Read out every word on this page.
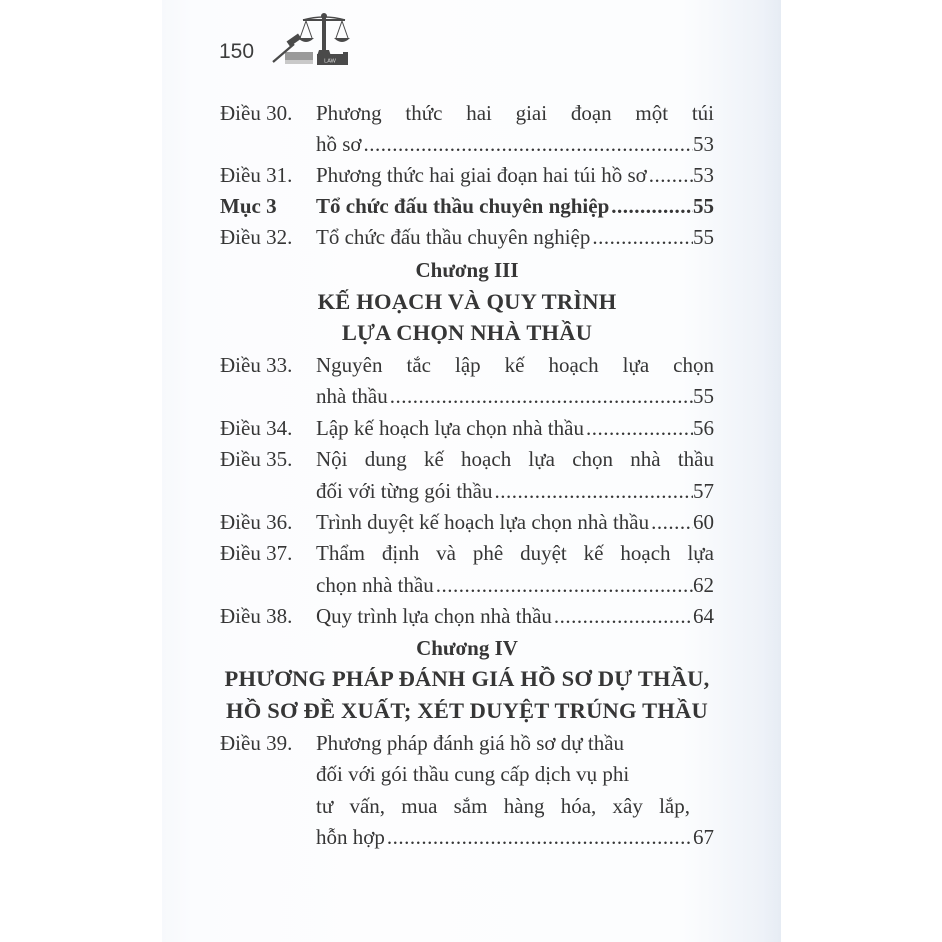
150	LAW
Điều 30. Phương thức hai giai đoạn một túi
hồ sơ .....	53
Điều 31. Phương thức hai giai đoạn hai túi hồ sơ ..... 53
Mục 3 Tổ chức đấu thầu chuyên nghiệp .....	55
Điều 32. Tổ chức đấu thầu chuyên nghiệp .....	55
Chương III
KẾ HOẠCH VÀ QUY TRÌNH
LỰA CHỌN NHÀ THẦU
Điều 33. Nguyên tắc lập kế hoạch lựa chọn
nhà thầu .....	55
Điều 34. Lập kế hoạch lựa chọn nhà thầu .....	56
Điều 35. Nội dung kế hoạch lựa chọn nhà thầu
đối với từng gói thầu .....	57
Điều 36. Trình duyệt kế hoạch lựa chọn nhà thầu ..... 60
Điều 37. Thẩm định và phê duyệt kế hoạch lựa
chọn nhà thầu .....	62
Điều 38. Quy trình lựa chọn nhà thầu .....	64
Chương IV
PHƯƠNG PHÁP ĐÁNH GIÁ HỒ SƠ DỰ THẦU,
HỒ SƠ ĐỀ XUẤT; XÉT DUYỆT TRÚNG THẦU
Điều 39. Phương pháp đánh giá hồ sơ dự thầu
đối với gói thầu cung cấp dịch vụ phi
tư vấn, mua sắm hàng hóa, xây lắp,
hỗn hợp .....	67
